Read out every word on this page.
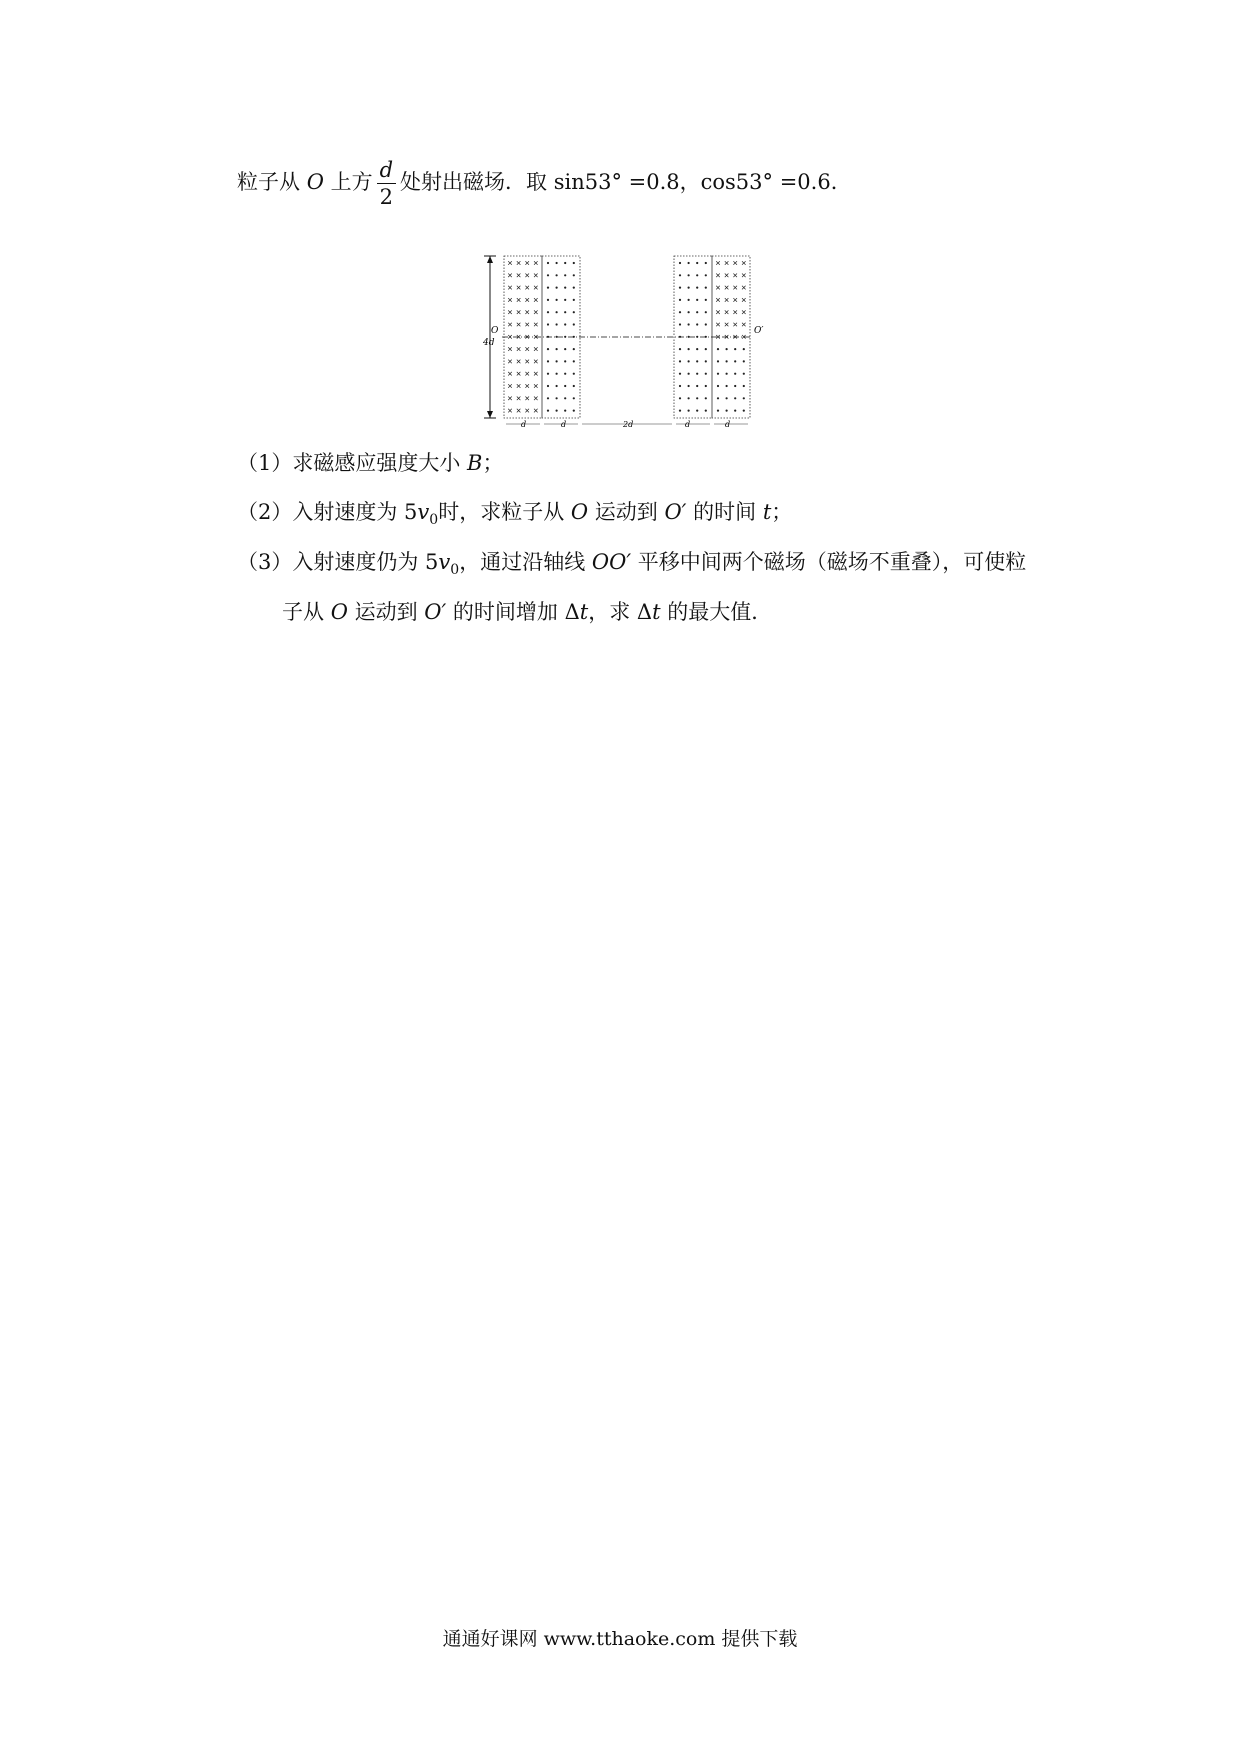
粒子从 O 上方 $\frac{d}{2}$ 处射出磁场．取 sin53° =0.8，cos53° =0.6．
4d
O	O′
d	d	2d	d	d
（1）求磁感应强度大小 B；
（2）入射速度为 $5v_0$时，求粒子从 O 运动到 O′ 的时间 t；
（3）入射速度仍为 $5v_0$，通过沿轴线 OO′ 平移中间两个磁场（磁场不重叠），可使粒
子从 O 运动到 O′ 的时间增加 Δt，求 Δt 的最大值．
通通好课网 www.tthaoke.com 提供下载
